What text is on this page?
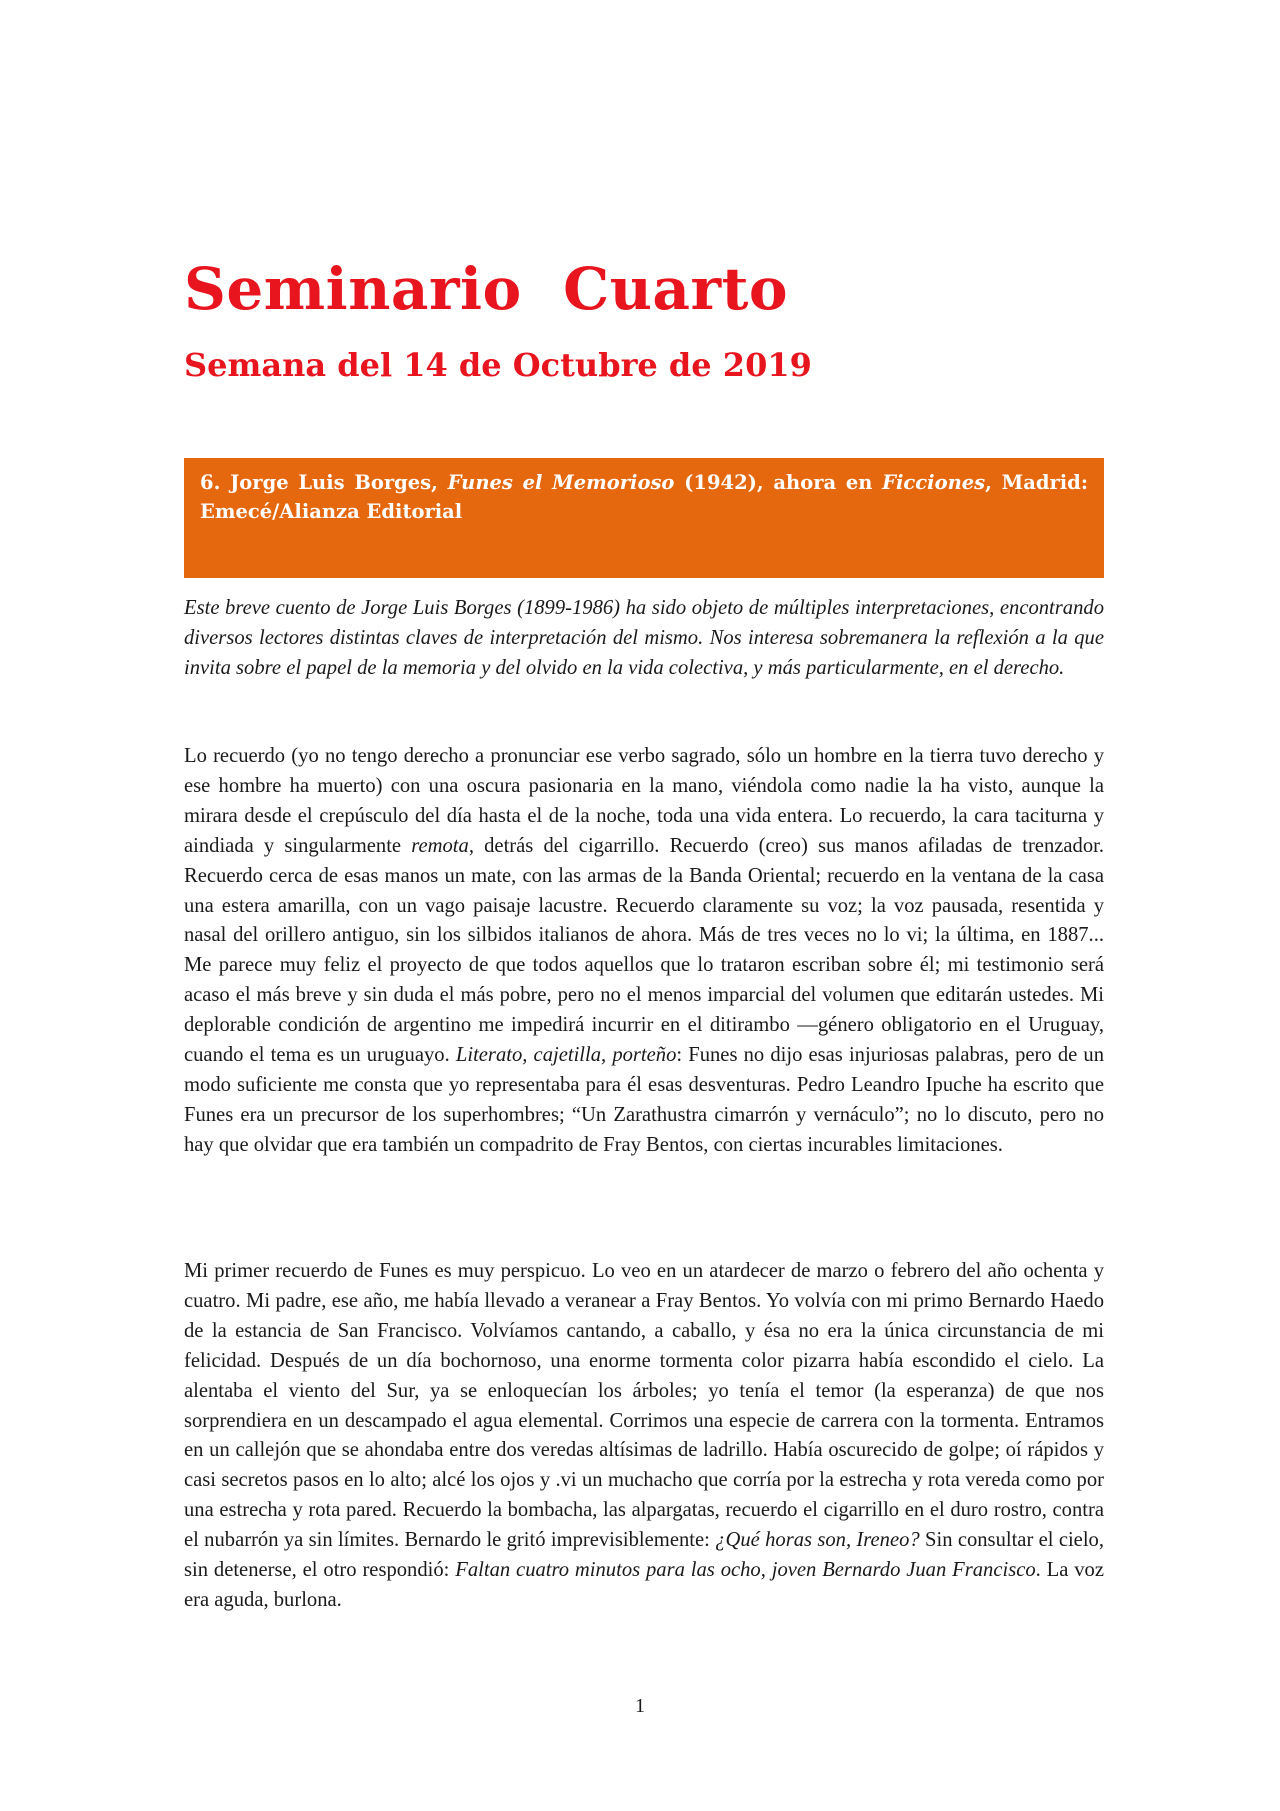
Seminario  Cuarto
Semana del 14 de Octubre de 2019

6. Jorge Luis Borges, Funes el Memorioso (1942), ahora en Ficciones, Madrid: Emecé/Alianza Editorial

Este breve cuento de Jorge Luis Borges (1899-1986) ha sido objeto de múltiples interpretaciones, encontrando diversos lectores distintas claves de interpretación del mismo. Nos interesa sobremanera la reflexión a la que invita sobre el papel de la memoria y del olvido en la vida colectiva, y más particularmente, en el derecho.

Lo recuerdo (yo no tengo derecho a pronunciar ese verbo sagrado, sólo un hombre en la tierra tuvo derecho y ese hombre ha muerto) con una oscura pasionaria en la mano, viéndola como nadie la ha visto, aunque la mirara desde el crepúsculo del día hasta el de la noche, toda una vida entera. Lo recuerdo, la cara taciturna y aindiada y singularmente remota, detrás del cigarrillo. Recuerdo (creo) sus manos afiladas de trenzador. Recuerdo cerca de esas manos un mate, con las armas de la Banda Oriental; recuerdo en la ventana de la casa una estera amarilla, con un vago paisaje lacustre. Recuerdo claramente su voz; la voz pausada, resentida y nasal del orillero antiguo, sin los silbidos italianos de ahora. Más de tres veces no lo vi; la última, en 1887... Me parece muy feliz el proyecto de que todos aquellos que lo trataron escriban sobre él; mi testimonio será acaso el más breve y sin duda el más pobre, pero no el menos imparcial del volumen que editarán ustedes. Mi deplorable condición de argentino me impedirá incurrir en el ditirambo —género obligatorio en el Uruguay, cuando el tema es un uruguayo. Literato, cajetilla, porteño: Funes no dijo esas injuriosas palabras, pero de un modo suficiente me consta que yo representaba para él esas desventuras. Pedro Leandro Ipuche ha escrito que Funes era un precursor de los superhombres; “Un Zarathustra cimarrón y vernáculo”; no lo discuto, pero no hay que olvidar que era también un compadrito de Fray Bentos, con ciertas incurables limitaciones.

Mi primer recuerdo de Funes es muy perspicuo. Lo veo en un atardecer de marzo o febrero del año ochenta y cuatro. Mi padre, ese año, me había llevado a veranear a Fray Bentos. Yo volvía con mi primo Bernardo Haedo de la estancia de San Francisco. Volvíamos cantando, a caballo, y ésa no era la única circunstancia de mi felicidad. Después de un día bochornoso, una enorme tormenta color pizarra había escondido el cielo. La alentaba el viento del Sur, ya se enloquecían los árboles; yo tenía el temor (la esperanza) de que nos sorprendiera en un descampado el agua elemental. Corrimos una especie de carrera con la tormenta. Entramos en un callejón que se ahondaba entre dos veredas altísimas de ladrillo. Había oscurecido de golpe; oí rápidos y casi secretos pasos en lo alto; alcé los ojos y .vi un muchacho que corría por la estrecha y rota vereda como por una estrecha y rota pared. Recuerdo la bombacha, las alpargatas, recuerdo el cigarrillo en el duro rostro, contra el nubarrón ya sin límites. Bernardo le gritó imprevisiblemente: ¿Qué horas son, Ireneo? Sin consultar el cielo, sin detenerse, el otro respondió: Faltan cuatro minutos para las ocho, joven Bernardo Juan Francisco. La voz era aguda, burlona.

1
